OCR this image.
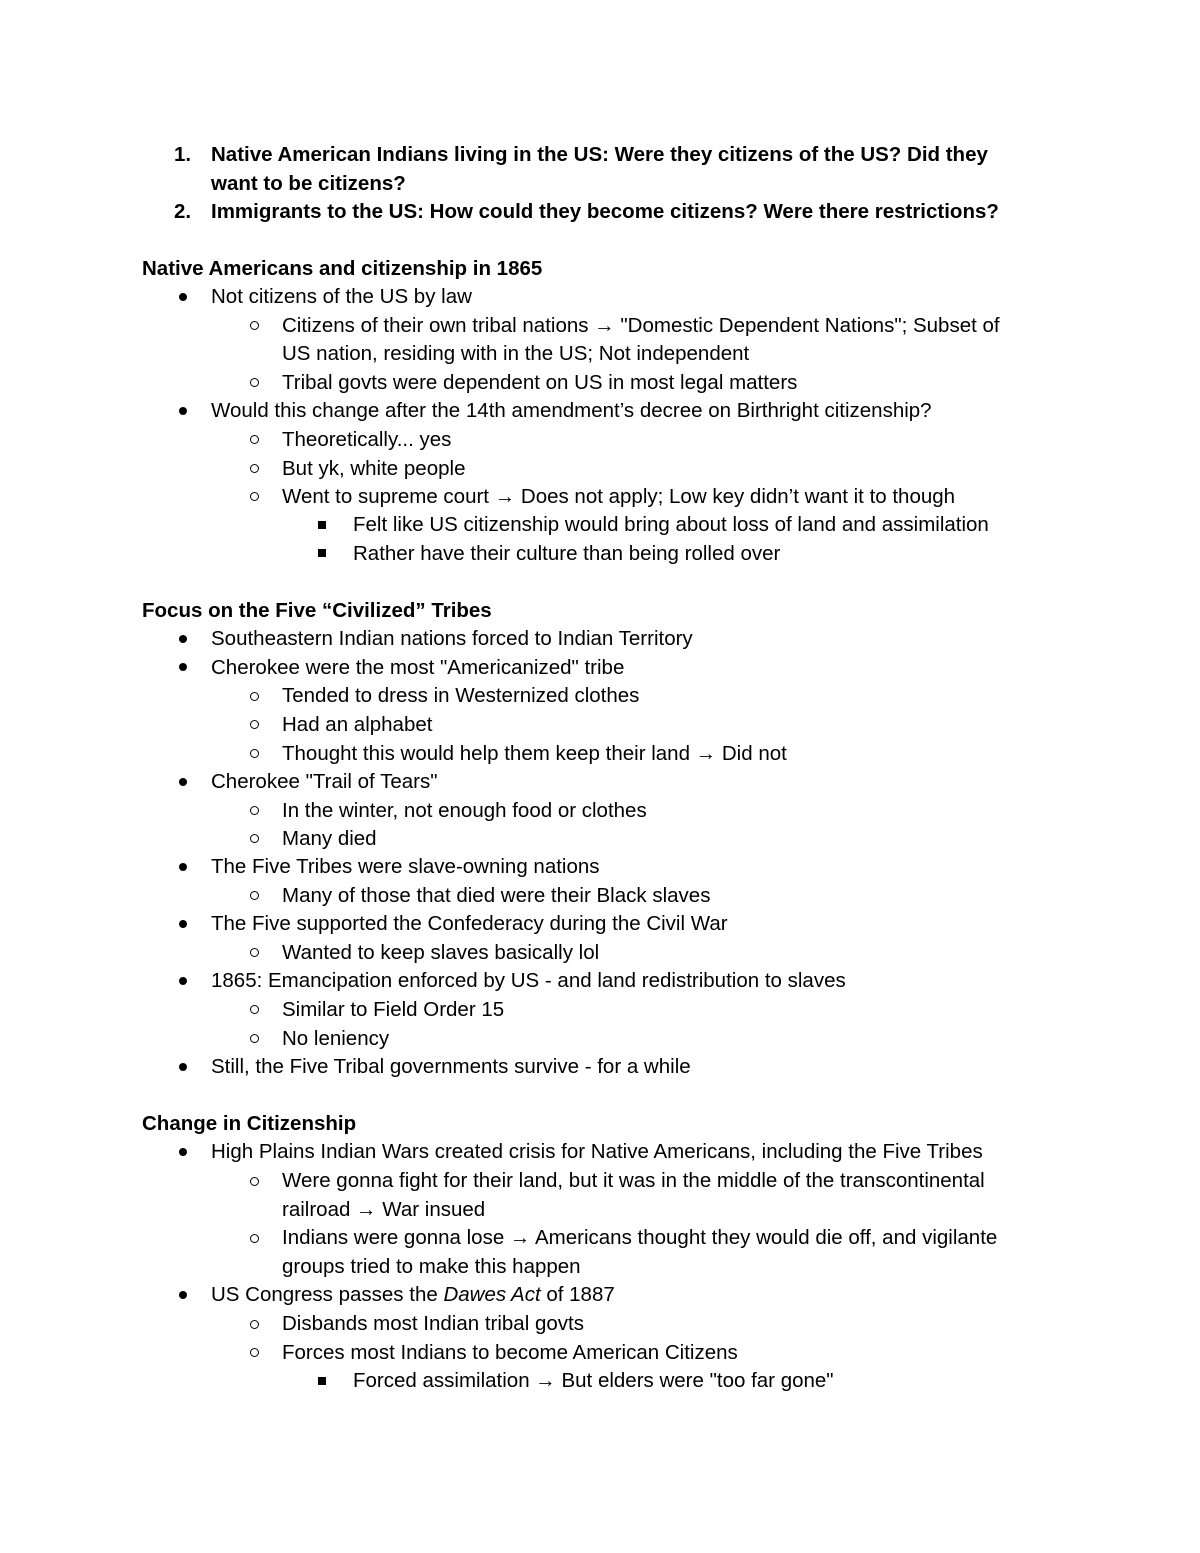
1. Native American Indians living in the US: Were they citizens of the US? Did they
want to be citizens?
2. Immigrants to the US: How could they become citizens? Were there restrictions?
Native Americans and citizenship in 1865
Not citizens of the US by law
Citizens of their own tribal nations → "Domestic Dependent Nations"; Subset of
US nation, residing with in the US; Not independent
Tribal govts were dependent on US in most legal matters
Would this change after the 14th amendment’s decree on Birthright citizenship?
Theoretically... yes
But yk, white people
Went to supreme court → Does not apply; Low key didn’t want it to though
Felt like US citizenship would bring about loss of land and assimilation
Rather have their culture than being rolled over
Focus on the Five “Civilized” Tribes
Southeastern Indian nations forced to Indian Territory
Cherokee were the most "Americanized" tribe
Tended to dress in Westernized clothes
Had an alphabet
Thought this would help them keep their land → Did not
Cherokee "Trail of Tears"
In the winter, not enough food or clothes
Many died
The Five Tribes were slave-owning nations
Many of those that died were their Black slaves
The Five supported the Confederacy during the Civil War
Wanted to keep slaves basically lol
1865: Emancipation enforced by US - and land redistribution to slaves
Similar to Field Order 15
No leniency
Still, the Five Tribal governments survive - for a while
Change in Citizenship
High Plains Indian Wars created crisis for Native Americans, including the Five Tribes
Were gonna fight for their land, but it was in the middle of the transcontinental
railroad → War insued
Indians were gonna lose → Americans thought they would die off, and vigilante
groups tried to make this happen
US Congress passes the Dawes Act of 1887
Disbands most Indian tribal govts
Forces most Indians to become American Citizens
Forced assimilation → But elders were "too far gone"
